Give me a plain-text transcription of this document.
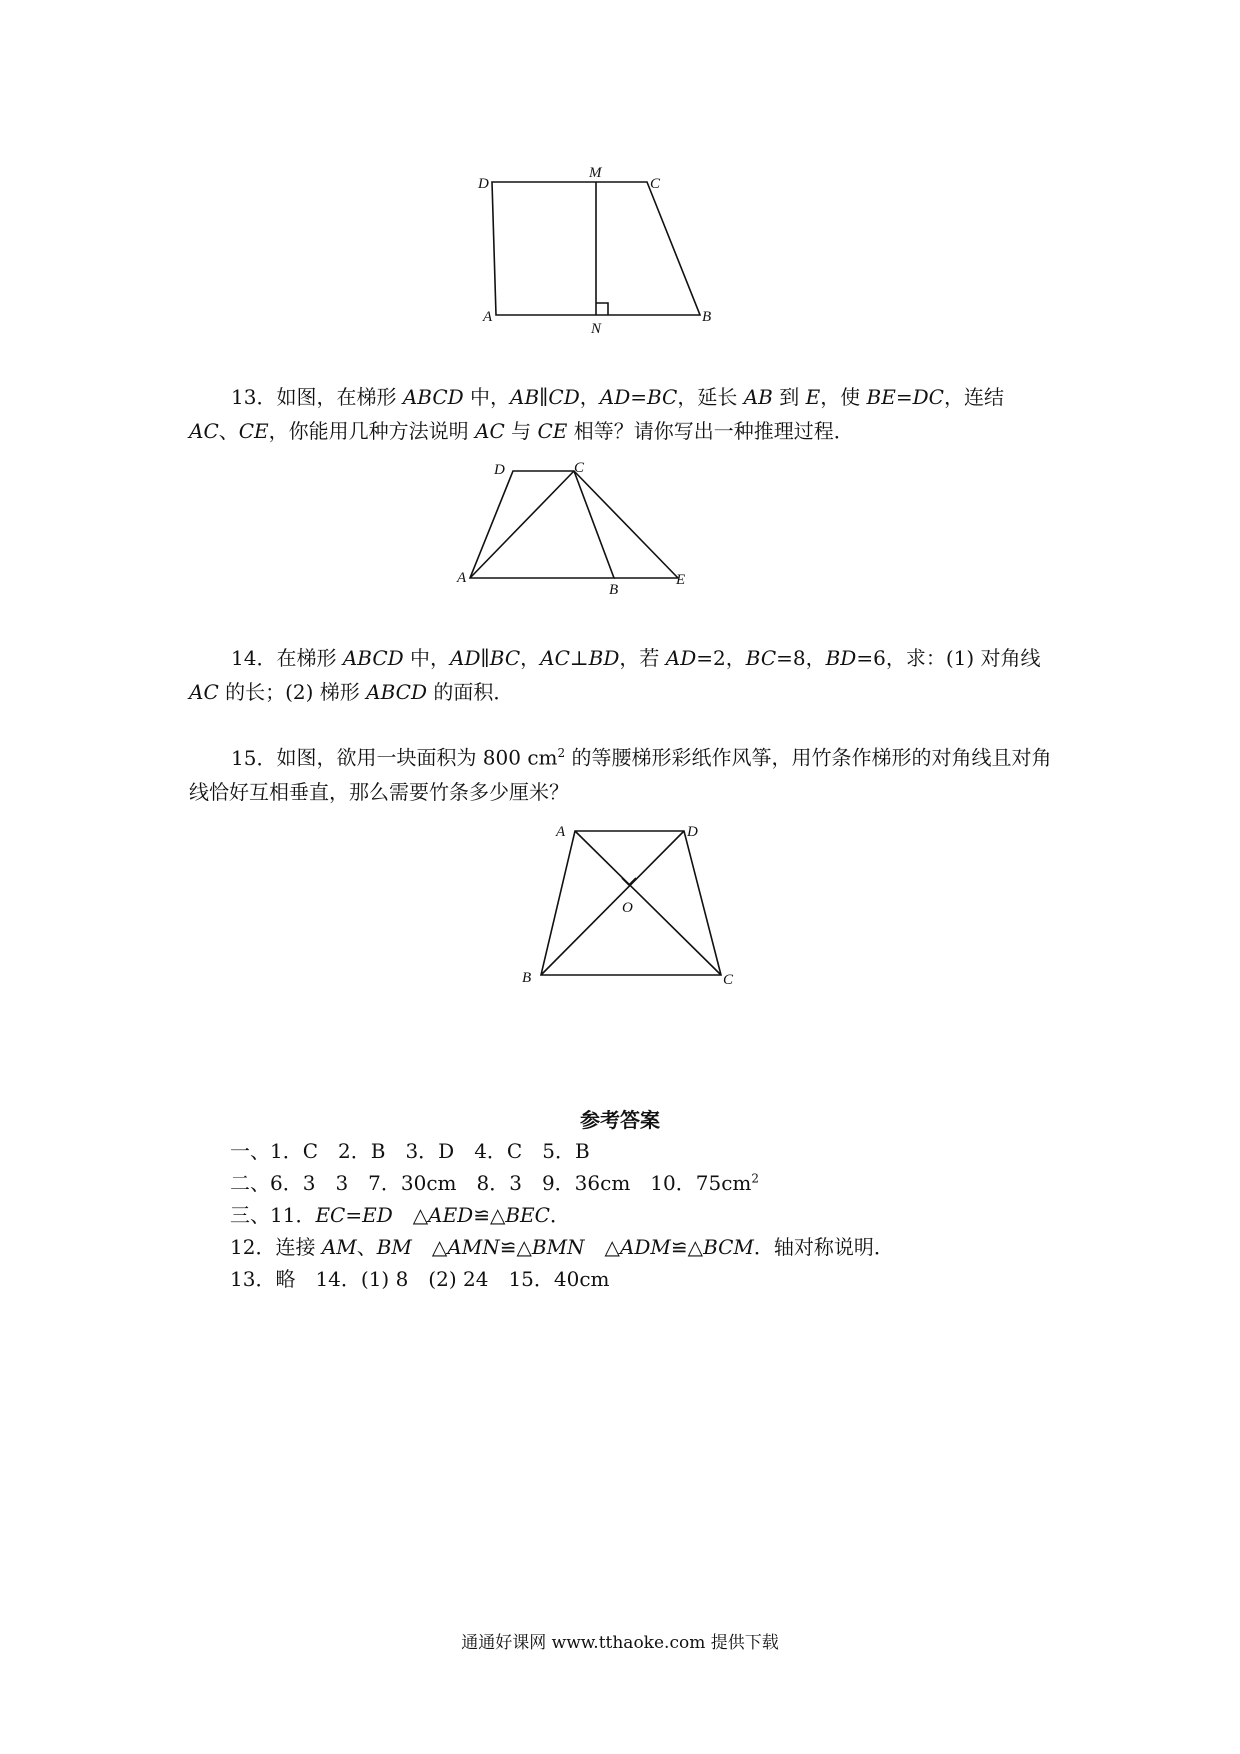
D
M
C
A
N
B

13．如图，在梯形 ABCD 中，AB∥CD，AD=BC，延长 AB 到 E，使 BE=DC，连结 AC、CE，你能用几种方法说明 AC 与 CE 相等？请你写出一种推理过程．

D	C
A
B
E

14．在梯形 ABCD 中，AD∥BC，AC⊥BD，若 AD=2，BC=8，BD=6，求：(1) 对角线AC 的长；(2) 梯形 ABCD 的面积．

15．如图，欲用一块面积为 800 $cm^2$ 的等腰梯形彩纸作风筝，用竹条作梯形的对角线且对角线恰好互相垂直，那么需要竹条多少厘米？

A	D
O
B	C

参考答案

一、1．C　2．B　3．D　4．C　5．B

二、6．3　3　7．30cm　8．3　9．36cm　10．$75cm^2$

三、11．EC=ED　△AED≌△BEC．

12．连接 AM、BM　△AMN≌△BMN　△ADM≌△BCM．轴对称说明．

13．略　14．(1) 8　(2) 24　15．40cm

通通好课网 www.tthaoke.com 提供下载
